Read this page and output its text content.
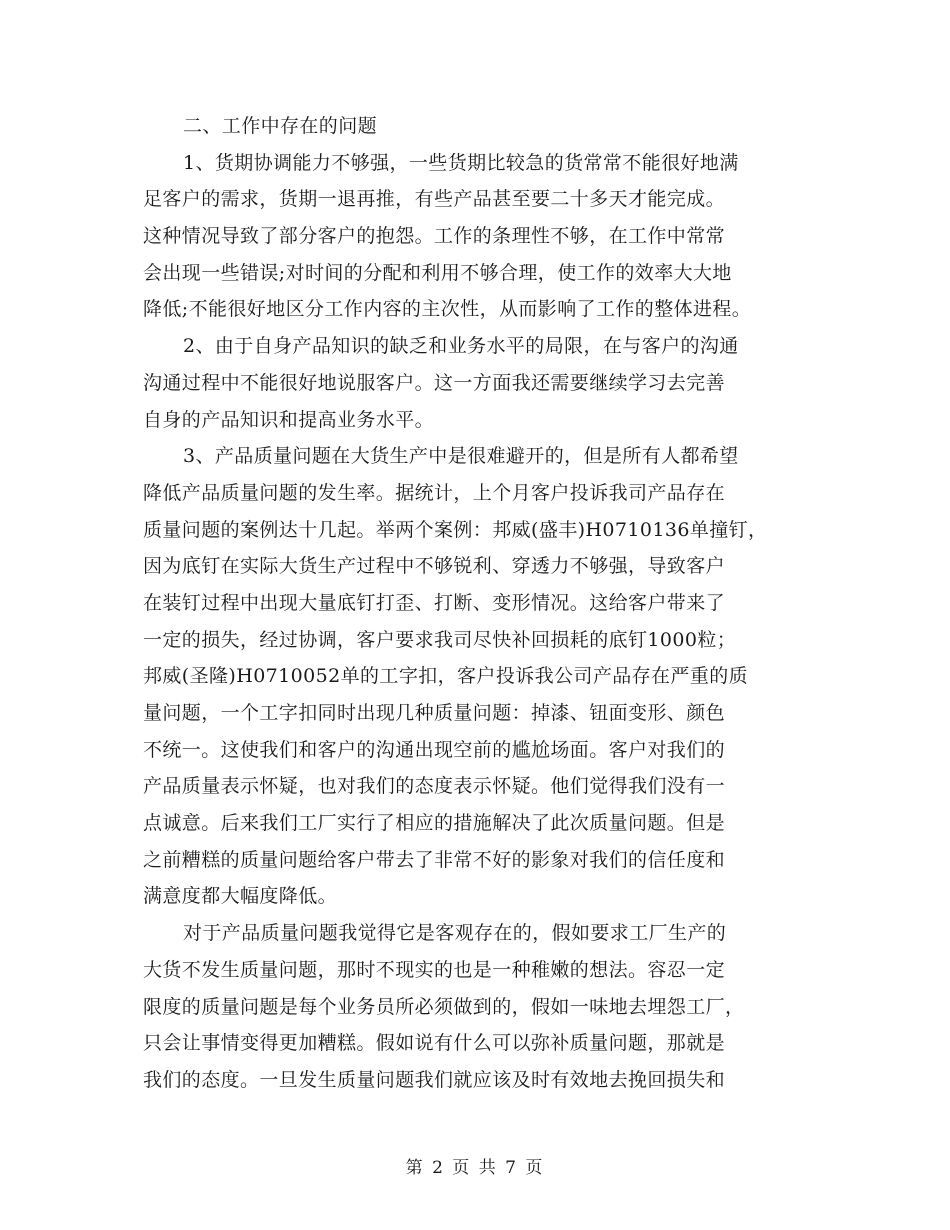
二、工作中存在的问题
1、货期协调能力不够强，一些货期比较急的货常常不能很好地满
足客户的需求，货期一退再推，有些产品甚至要二十多天才能完成。
这种情况导致了部分客户的抱怨。工作的条理性不够，在工作中常常
会出现一些错误;对时间的分配和利用不够合理，使工作的效率大大地
降低;不能很好地区分工作内容的主次性，从而影响了工作的整体进程。
2、由于自身产品知识的缺乏和业务水平的局限，在与客户的沟通
沟通过程中不能很好地说服客户。这一方面我还需要继续学习去完善
自身的产品知识和提高业务水平。
3、产品质量问题在大货生产中是很难避开的，但是所有人都希望
降低产品质量问题的发生率。据统计，上个月客户投诉我司产品存在
质量问题的案例达十几起。举两个案例：邦威(盛丰)H0710136单撞钉，
因为底钉在实际大货生产过程中不够锐利、穿透力不够强，导致客户
在装钉过程中出现大量底钉打歪、打断、变形情况。这给客户带来了
一定的损失，经过协调，客户要求我司尽快补回损耗的底钉1000粒；
邦威(圣隆)H0710052单的工字扣，客户投诉我公司产品存在严重的质
量问题，一个工字扣同时出现几种质量问题：掉漆、钮面变形、颜色
不统一。这使我们和客户的沟通出现空前的尴尬场面。客户对我们的
产品质量表示怀疑，也对我们的态度表示怀疑。他们觉得我们没有一
点诚意。后来我们工厂实行了相应的措施解决了此次质量问题。但是
之前糟糕的质量问题给客户带去了非常不好的影象对我们的信任度和
满意度都大幅度降低。
对于产品质量问题我觉得它是客观存在的，假如要求工厂生产的
大货不发生质量问题，那时不现实的也是一种稚嫩的想法。容忍一定
限度的质量问题是每个业务员所必须做到的，假如一味地去埋怨工厂，
只会让事情变得更加糟糕。假如说有什么可以弥补质量问题，那就是
我们的态度。一旦发生质量问题我们就应该及时有效地去挽回损失和
第 2 页 共 7 页
